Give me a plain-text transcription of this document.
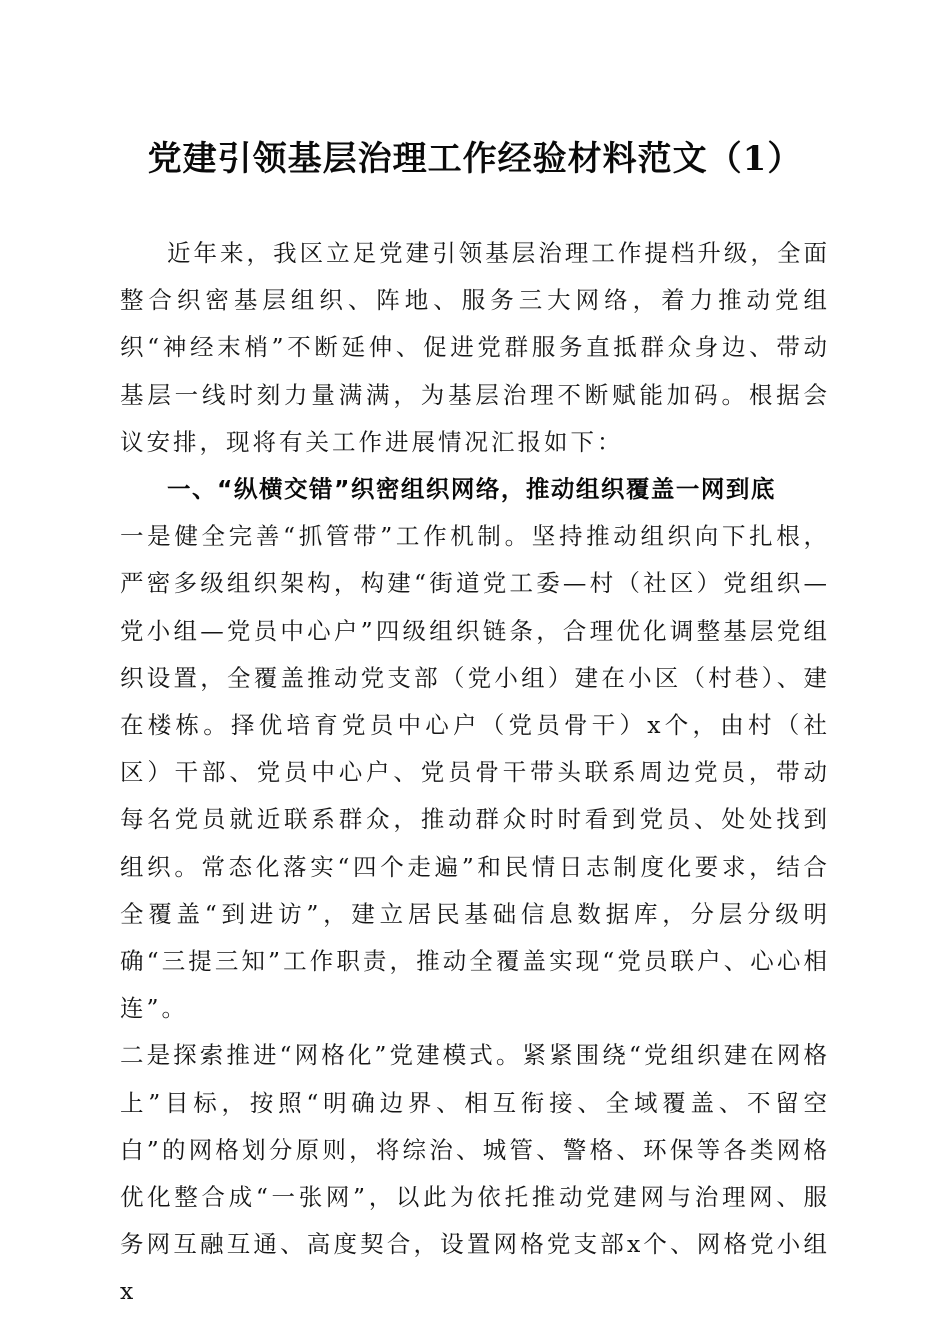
党建引领基层治理工作经验材料范文（1）

近年来，我区立足党建引领基层治理工作提档升级，全面整合织密基层组织、阵地、服务三大网络，着力推动党组织“神经末梢”不断延伸、促进党群服务直抵群众身边、带动基层一线时刻力量满满，为基层治理不断赋能加码。根据会议安排，现将有关工作进展情况汇报如下：

一、“纵横交错”织密组织网络，推动组织覆盖一网到底

一是健全完善“抓管带”工作机制。坚持推动组织向下扎根，严密多级组织架构，构建“街道党工委—村（社区）党组织—党小组—党员中心户”四级组织链条，合理优化调整基层党组织设置，全覆盖推动党支部（党小组）建在小区（村巷）、建在楼栋。择优培育党员中心户（党员骨干）x个，由村（社区）干部、党员中心户、党员骨干带头联系周边党员，带动每名党员就近联系群众，推动群众时时看到党员、处处找到组织。常态化落实“四个走遍”和民情日志制度化要求，结合全覆盖“到进访”，建立居民基础信息数据库，分层分级明确“三提三知”工作职责，推动全覆盖实现“党员联户、心心相连”。

二是探索推进“网格化”党建模式。紧紧围绕“党组织建在网格上”目标，按照“明确边界、相互衔接、全域覆盖、不留空白”的网格划分原则，将综治、城管、警格、环保等各类网格优化整合成“一张网”，以此为依托推动党建网与治理网、服务网互融互通、高度契合，设置网格党支部x个、网格党小组x
